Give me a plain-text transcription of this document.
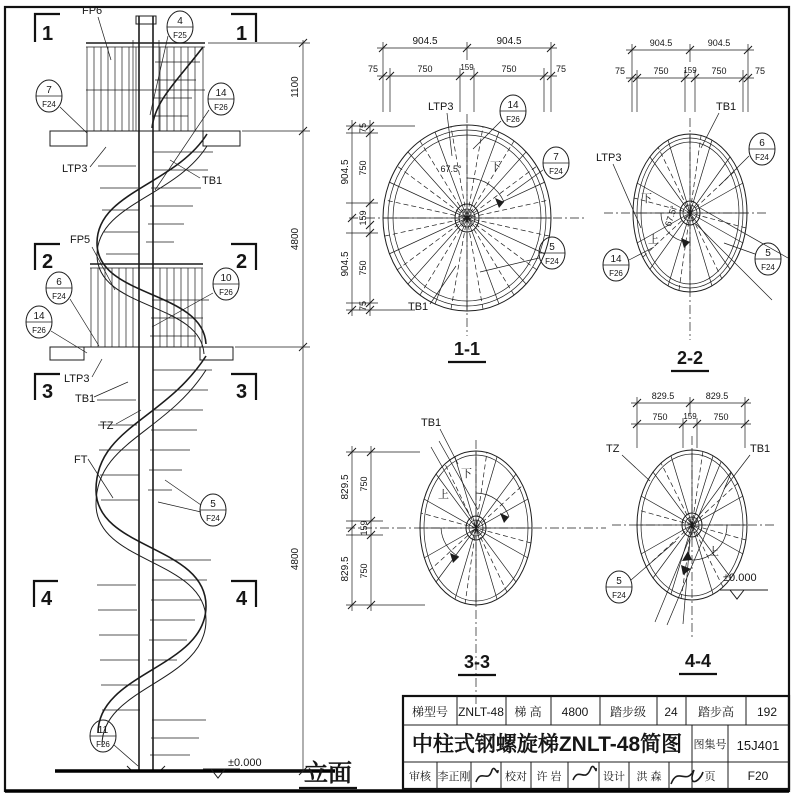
1	1
2	2
3	3
4	4
FP6
FP5
LTP3
TB1
LTP3
TB1
TZ
FT
4
F25
7
F24
14
F26
6
F24
10
F26
14
F26
5
F24
11
F26
1100
4800
4800
±0.000 立面
67.5°	下
904.5	904.5
75	750	159	750	75
904.5
904.5
75
750
159
750
75
LTP3
TB1
14
F26
7
F24
5
F24
1-1
67.5°
下
上
904.5	904.5
75	750 159 750	75
TB1
LTP3
6
F24
14
F26
5
F24
2-2
下
上
829.5
829.5
750
159
750
TB1
3-3
上
829.5	829.5
750 159 750
TZ	TB1
5
F24
±0.000
4-4
梯型号 ZNLT-48 梯 高 4800 踏步级 24 踏步高 192
中柱式钢螺旋梯ZNLT-48简图 图集号 15J401
审核 李正刚	校对 许 岩	设计 洪 森	页	F20
